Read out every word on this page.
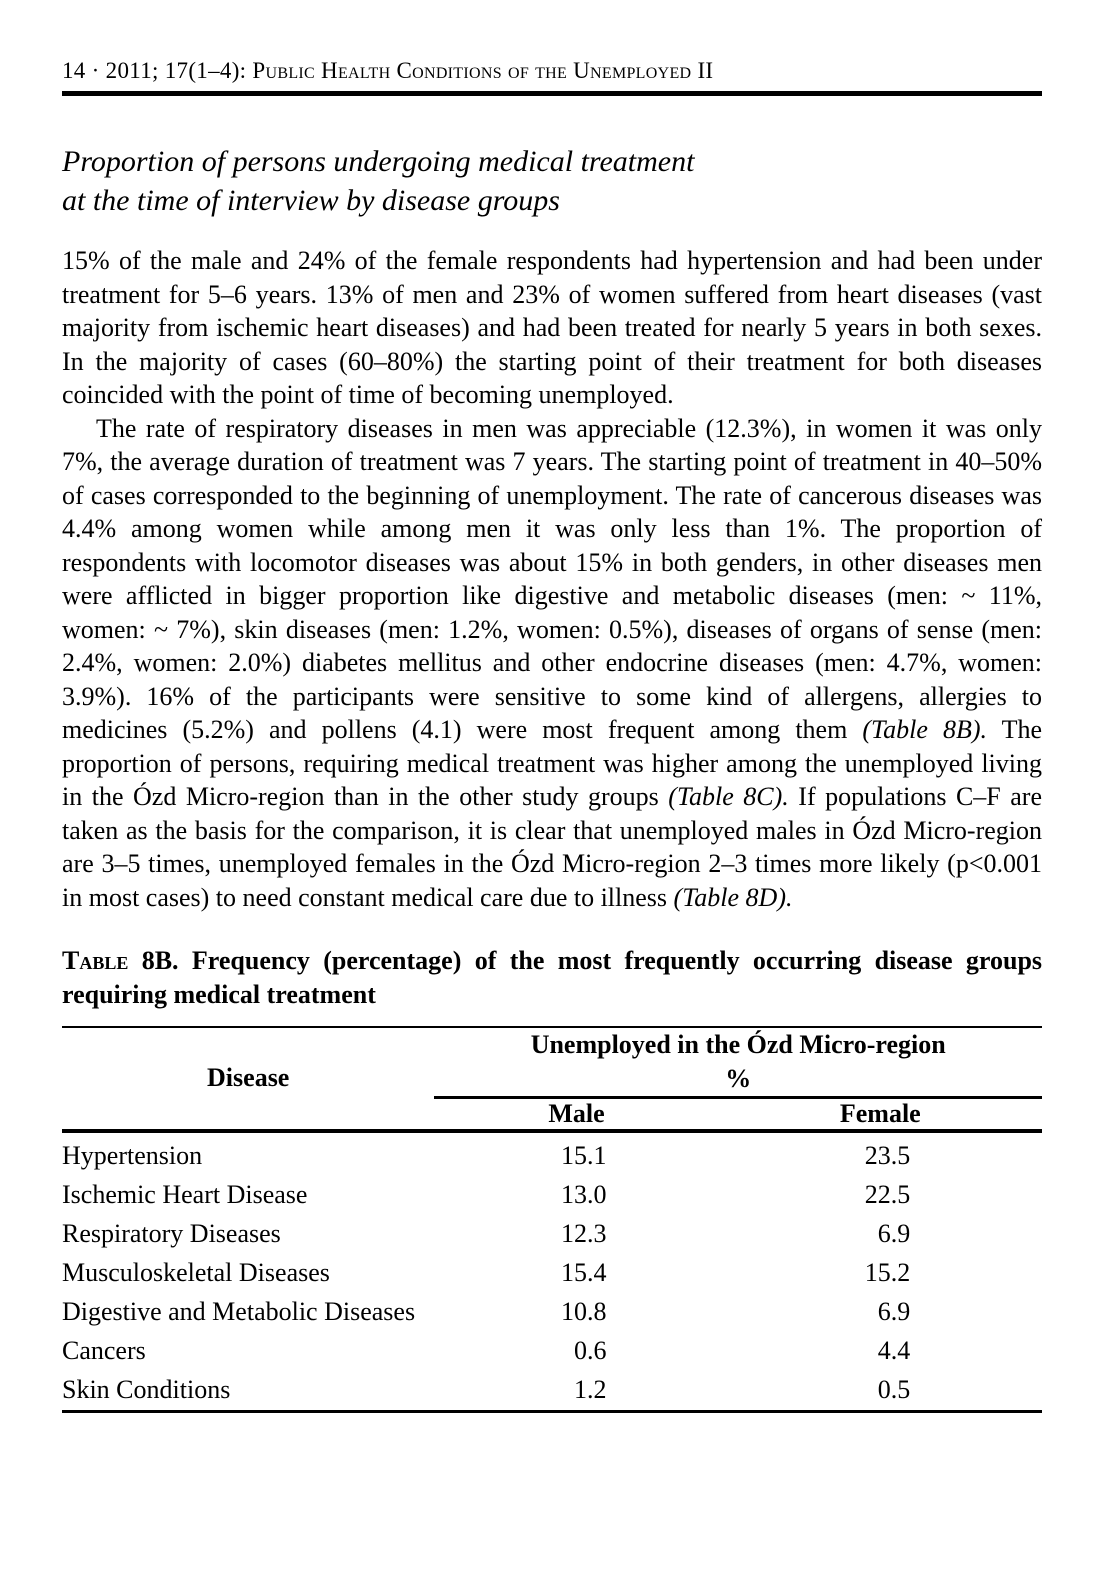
14 · 2011; 17(1–4): Public Health Conditions of the Unemployed II
Proportion of persons undergoing medical treatment
at the time of interview by disease groups

15% of the male and 24% of the female respondents had hypertension and had been under treatment for 5–6 years. 13% of men and 23% of women suffered from heart diseases (vast majority from ischemic heart diseases) and had been treated for nearly 5 years in both sexes. In the majority of cases (60–80%) the starting point of their treatment for both diseases coincided with the point of time of becoming unemployed.

The rate of respiratory diseases in men was appreciable (12.3%), in women it was only 7%, the average duration of treatment was 7 years. The starting point of treatment in 40–50% of cases corresponded to the beginning of unemployment. The rate of cancerous diseases was 4.4% among women while among men it was only less than 1%. The proportion of respondents with locomotor diseases was about 15% in both genders, in other diseases men were afflicted in bigger proportion like digestive and metabolic diseases (men: ~ 11%, women: ~ 7%), skin diseases (men: 1.2%, women: 0.5%), diseases of organs of sense (men: 2.4%, women: 2.0%) diabetes mellitus and other endocrine diseases (men: 4.7%, women: 3.9%). 16% of the participants were sensitive to some kind of allergens, allergies to medicines (5.2%) and pollens (4.1) were most frequent among them (Table 8B). The proportion of persons, requiring medical treatment was higher among the unemployed living in the Ózd Micro-region than in the other study groups (Table 8C). If populations C–F are taken as the basis for the comparison, it is clear that unemployed males in Ózd Micro-region are 3–5 times, unemployed females in the Ózd Micro-region 2–3 times more likely (p<0.001 in most cases) to need constant medical care due to illness (Table 8D).

Table 8B. Frequency (percentage) of the most frequently occurring disease groups requiring medical treatment

Disease	Unemployed in the Ózd Micro-region
%	
	Male	Female
Hypertension	15.1	23.5
Ischemic Heart Disease	13.0	22.5
Respiratory Diseases	12.3	6.9
Musculoskeletal Diseases	15.4	15.2
Digestive and Metabolic Diseases	10.8	6.9
Cancers	0.6	4.4
Skin Conditions	1.2	0.5
